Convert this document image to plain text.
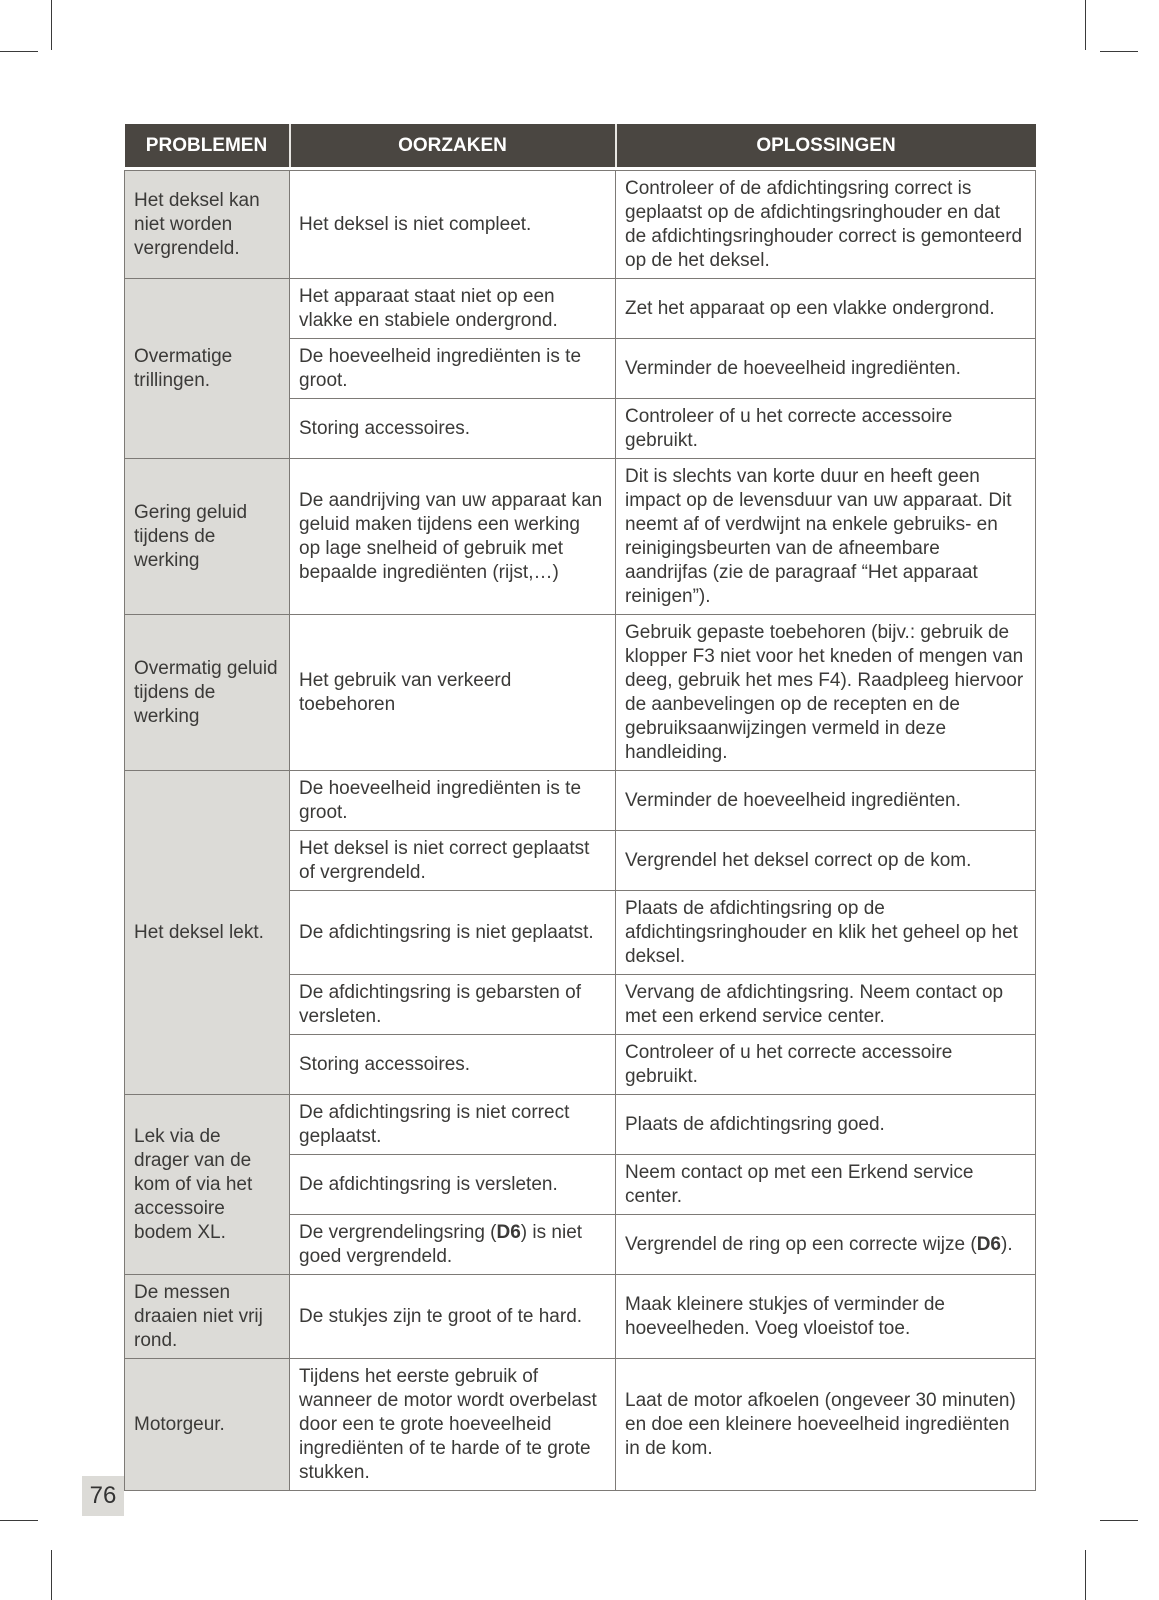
PROBLEMEN	OORZAKEN	OPLOSSINGEN

Het deksel kan niet worden vergrendeld.	Het deksel is niet compleet.	Controleer of de afdichtingsring correct is geplaatst op de afdichtingsringhouder en dat de afdichtingsringhouder correct is gemonteerd op de het deksel.
Overmatige trillingen.	Het apparaat staat niet op een vlakke en stabiele ondergrond.	Zet het apparaat op een vlakke ondergrond.
	De hoeveelheid ingrediënten is te groot.	Verminder de hoeveelheid ingrediënten.
	Storing accessoires.	Controleer of u het correcte accessoire gebruikt.
Gering geluid tijdens de werking	De aandrijving van uw apparaat kan geluid maken tijdens een werking op lage snelheid of gebruik met bepaalde ingrediënten (rijst,…)	Dit is slechts van korte duur en heeft geen impact op de levensduur van uw apparaat. Dit neemt af of verdwijnt na enkele gebruiks- en reinigingsbeurten van de afneembare aandrijfas (zie de paragraaf “Het apparaat reinigen”).
Overmatig geluid tijdens de werking	Het gebruik van verkeerd toebehoren	Gebruik gepaste toebehoren (bijv.: gebruik de klopper F3 niet voor het kneden of mengen van deeg, gebruik het mes F4). Raadpleeg hiervoor de aanbevelingen op de recepten en de gebruiksaanwijzingen vermeld in deze handleiding.
Het deksel lekt.	De hoeveelheid ingrediënten is te groot.	Verminder de hoeveelheid ingrediënten.
	Het deksel is niet correct geplaatst of vergrendeld.	Vergrendel het deksel correct op de kom.
	De afdichtingsring is niet geplaatst.	Plaats de afdichtingsring op de afdichtingsringhouder en klik het geheel op het deksel.
	De afdichtingsring is gebarsten of versleten.	Vervang de afdichtingsring. Neem contact op met een erkend service center.
	Storing accessoires.	Controleer of u het correcte accessoire gebruikt.
Lek via de drager van de kom of via het accessoire bodem XL.	De afdichtingsring is niet correct geplaatst.	Plaats de afdichtingsring goed.
	De afdichtingsring is versleten.	Neem contact op met een Erkend service center.
	De vergrendelingsring (D6) is niet goed vergrendeld.	Vergrendel de ring op een correcte wijze (D6).
De messen draaien niet vrij rond.	De stukjes zijn te groot of te hard.	Maak kleinere stukjes of verminder de hoeveelheden. Voeg vloeistof toe.
Motorgeur.	Tijdens het eerste gebruik of wanneer de motor wordt overbelast door een te grote hoeveelheid ingrediënten of te harde of te grote stukken.	Laat de motor afkoelen (ongeveer 30 minuten) en doe een kleinere hoeveelheid ingrediënten in de kom.
76
